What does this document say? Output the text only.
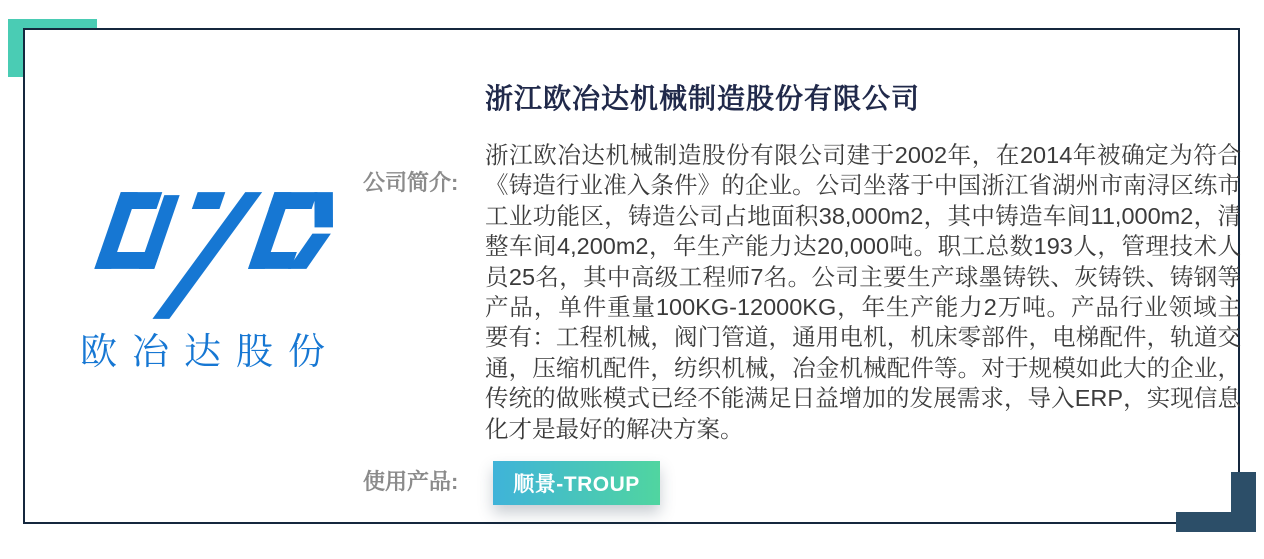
欧冶达股份
浙江欧冶达机械制造股份有限公司
公司简介:

浙江欧冶达机械制造股份有限公司建于2002年，在2014年被确定为符合《铸造行业准入条件》的企业。公司坐落于中国浙江省湖州市南浔区练市工业功能区，铸造公司占地面积38,000m2，其中铸造车间11,000m2，清整车间4,200m2，年生产能力达20,000吨。职工总数193人，管理技术人员25名，其中高级工程师7名。公司主要生产球墨铸铁、灰铸铁、铸钢等产品，单件重量100KG-12000KG，年生产能力2万吨。产品行业领域主要有：工程机械，阀门管道，通用电机，机床零部件，电梯配件，轨道交通，压缩机配件，纺织机械，冶金机械配件等。对于规模如此大的企业，传统的做账模式已经不能满足日益增加的发展需求，导入ERP，实现信息化才是最好的解决方案。

使用产品:	顺景-TROUP
